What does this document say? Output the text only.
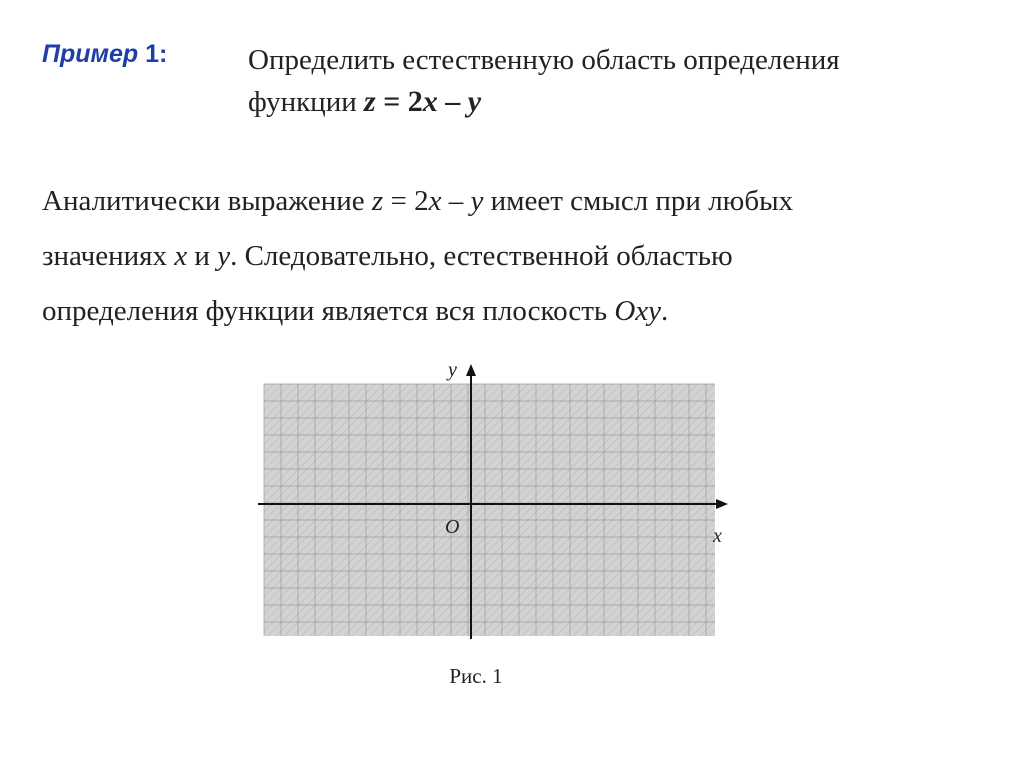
Пример 1:	Определить естественную область определения
функции z = 2x – y
Аналитически выражение z = 2x – y имеет смысл при любых
значениях x и y. Следовательно, естественной областью
определения функции является вся плоскость Oxy.
y
x
O
Рис. 1
